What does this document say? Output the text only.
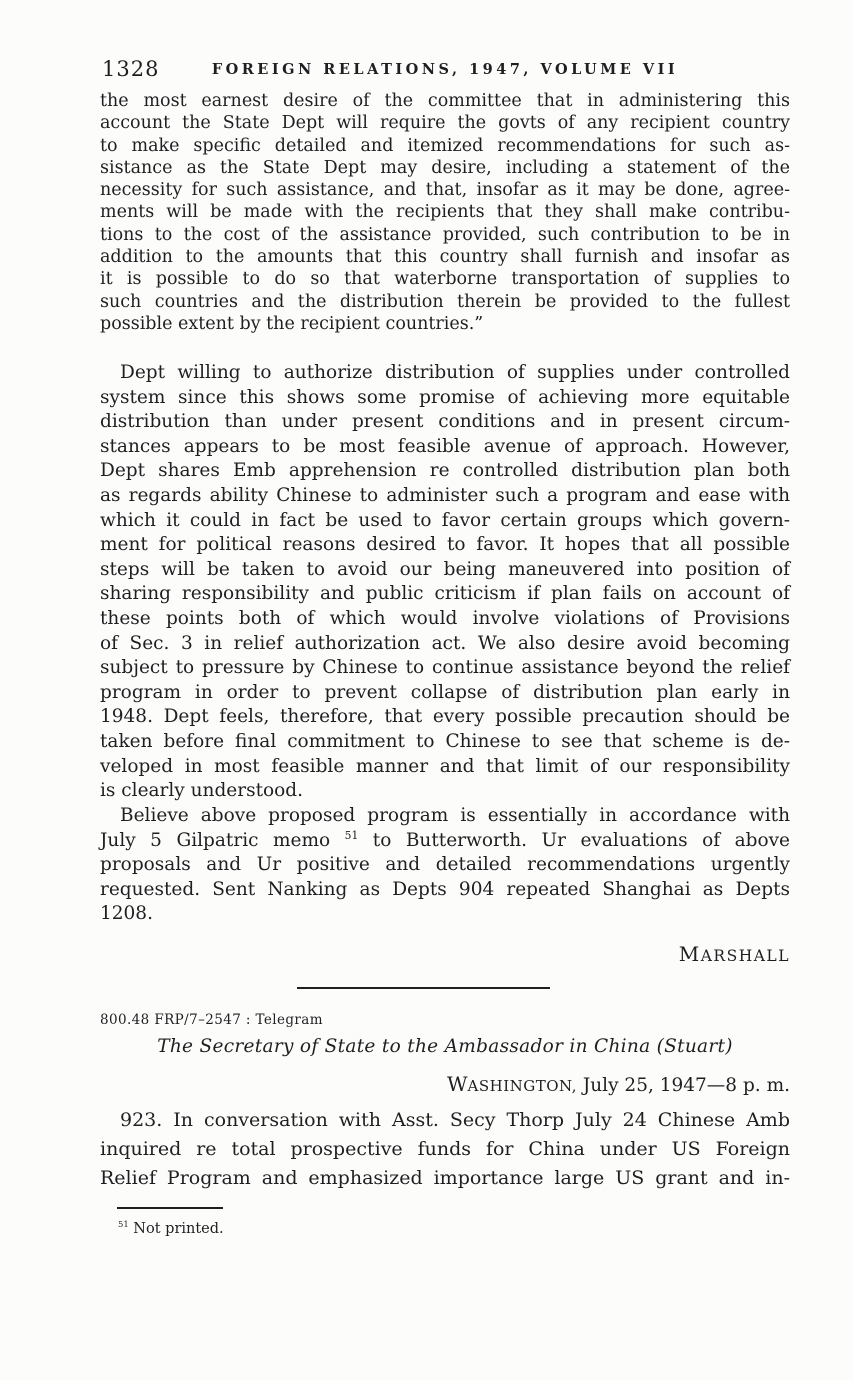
1328	FOREIGN RELATIONS, 1947, VOLUME VII
the most earnest desire of the committee that in administering this
account the State Dept will require the govts of any recipient country
to make specific detailed and itemized recommendations for such as-
sistance as the State Dept may desire, including a statement of the
necessity for such assistance, and that, insofar as it may be done, agree-
ments will be made with the recipients that they shall make contribu-
tions to the cost of the assistance provided, such contribution to be in
addition to the amounts that this country shall furnish and insofar as
it is possible to do so that waterborne transportation of supplies to
such countries and the distribution therein be provided to the fullest
possible extent by the recipient countries.”
Dept willing to authorize distribution of supplies under controlled
system since this shows some promise of achieving more equitable
distribution than under present conditions and in present circum-
stances appears to be most feasible avenue of approach. However,
Dept shares Emb apprehension re controlled distribution plan both
as regards ability Chinese to administer such a program and ease with
which it could in fact be used to favor certain groups which govern-
ment for political reasons desired to favor. It hopes that all possible
steps will be taken to avoid our being maneuvered into position of
sharing responsibility and public criticism if plan fails on account of
these points both of which would involve violations of Provisions
of Sec. 3 in relief authorization act. We also desire avoid becoming
subject to pressure by Chinese to continue assistance beyond the relief
program in order to prevent collapse of distribution plan early in
1948. Dept feels, therefore, that every possible precaution should be
taken before final commitment to Chinese to see that scheme is de-
veloped in most feasible manner and that limit of our responsibility
is clearly understood.
Believe above proposed program is essentially in accordance with
July 5 Gilpatric memo $^{51}$ to Butterworth. Ur evaluations of above
proposals and Ur positive and detailed recommendations urgently
requested. Sent Nanking as Depts 904 repeated Shanghai as Depts
1208.
MARSHALL
800.48 FRP/7–2547 : Telegram
The Secretary of State to the Ambassador in China (Stuart)
WASHINGTON, July 25, 1947—8 p. m.
923. In conversation with Asst. Secy Thorp July 24 Chinese Amb
inquired re total prospective funds for China under US Foreign
Relief Program and emphasized importance large US grant and in-
$^{51}$ Not printed.
